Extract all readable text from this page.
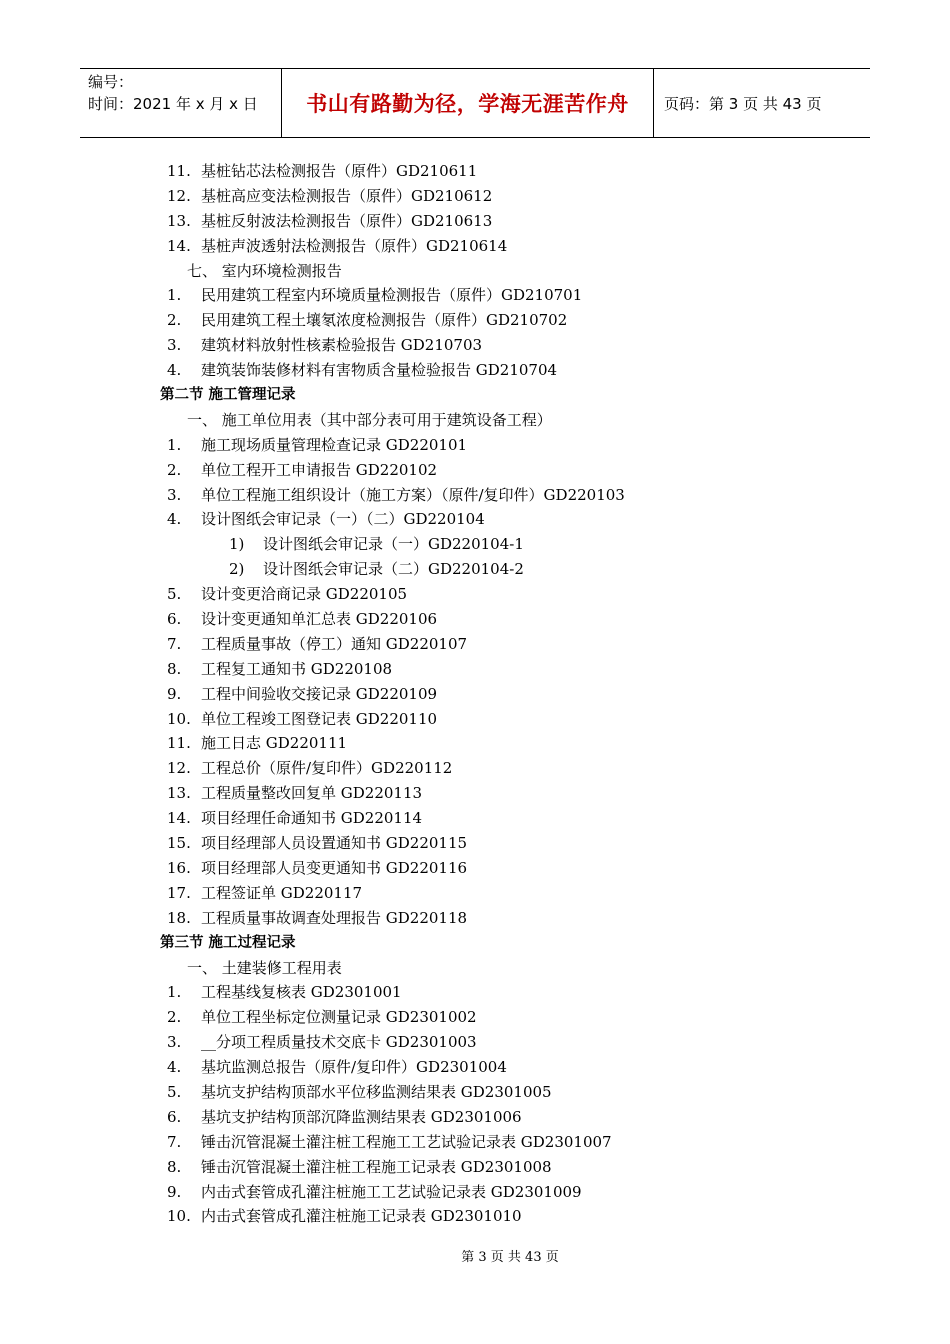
编号：
时间：2021 年 x 月 x 日	书山有路勤为径，学海无涯苦作舟	页码：第 3 页 共 43 页
11. 基桩钻芯法检测报告（原件）GD210611
12. 基桩高应变法检测报告（原件）GD210612
13. 基桩反射波法检测报告（原件）GD210613
14. 基桩声波透射法检测报告（原件）GD210614
七、 室内环境检测报告
1. 民用建筑工程室内环境质量检测报告（原件）GD210701
2. 民用建筑工程土壤氡浓度检测报告（原件）GD210702
3. 建筑材料放射性核素检验报告 GD210703
4. 建筑装饰装修材料有害物质含量检验报告 GD210704
第二节 施工管理记录
一、 施工单位用表（其中部分表可用于建筑设备工程）
1. 施工现场质量管理检查记录 GD220101
2. 单位工程开工申请报告 GD220102
3. 单位工程施工组织设计（施工方案）（原件/复印件）GD220103
4. 设计图纸会审记录（一）（二）GD220104
1) 设计图纸会审记录（一）GD220104-1
2) 设计图纸会审记录（二）GD220104-2
5. 设计变更洽商记录 GD220105
6. 设计变更通知单汇总表 GD220106
7. 工程质量事故（停工）通知 GD220107
8. 工程复工通知书 GD220108
9. 工程中间验收交接记录 GD220109
10. 单位工程竣工图登记表 GD220110
11. 施工日志 GD220111
12. 工程总价（原件/复印件）GD220112
13. 工程质量整改回复单 GD220113
14. 项目经理任命通知书 GD220114
15. 项目经理部人员设置通知书 GD220115
16. 项目经理部人员变更通知书 GD220116
17. 工程签证单 GD220117
18. 工程质量事故调查处理报告 GD220118
第三节 施工过程记录
一、 土建装修工程用表
1. 工程基线复核表 GD2301001
2. 单位工程坐标定位测量记录 GD2301002
3. __分项工程质量技术交底卡 GD2301003
4. 基坑监测总报告（原件/复印件）GD2301004
5. 基坑支护结构顶部水平位移监测结果表 GD2301005
6. 基坑支护结构顶部沉降监测结果表 GD2301006
7. 锤击沉管混凝土灌注桩工程施工工艺试验记录表 GD2301007
8. 锤击沉管混凝土灌注桩工程施工记录表 GD2301008
9. 内击式套管成孔灌注桩施工工艺试验记录表 GD2301009
10. 内击式套管成孔灌注桩施工记录表 GD2301010
第 3 页 共 43 页
